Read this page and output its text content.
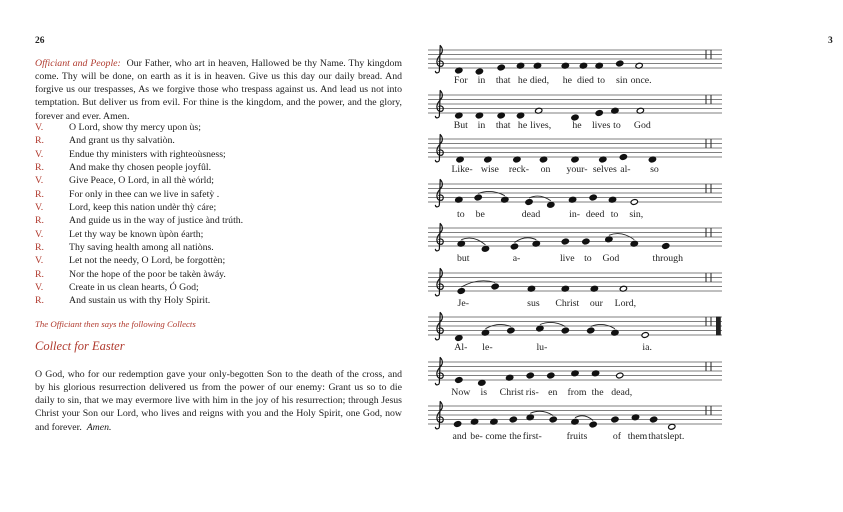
26	3

Officiant and People: Our Father, who art in heaven, Hallowed be thy Name. Thy kingdom come. Thy will be done, on earth as it is in heaven. Give us this day our daily bread. And forgive us our trespasses, As we forgive those who trespass against us. And lead us not into temptation. But deliver us from evil. For thine is the kingdom, and the power, and the glory, forever and ever. Amen.

V.	O Lord, show thy mercy upon ùs;
R.	And grant us thy salvatiòn.
V.	Endue thy ministers with righteoùsness;
R.	And make thy chosen people joyfûl.
V.	Give Peace, O Lord, in all thè wórld;
R.	For only in thee can we live in safetỳ .
V.	Lord, keep this nation undèr thỳ cáre;
R.	And guide us in the way of justice ànd trúth.
V.	Let thy way be known ùpòn éarth;
R.	Thy saving health among all natiòns.
V.	Let not the needy, O Lord, be forgottèn;
R.	Nor the hope of the poor be takèn àwáy.
V.	Create in us clean hearts, Ó God;
R.	And sustain us with thy Holy Spirit.
The Officiant then says the following Collects
Collect for Easter

O God, who for our redemption gave your only-begotten Son to the death of the cross, and by his glorious resurrection delivered us from the power of our enemy: Grant us so to die daily to sin, that we may evermore live with him in the joy of his resurrection; through Jesus Christ your Son our Lord, who lives and reigns with you and the Holy Spirit, one God, now and forever. Amen.

For in that he died, he died to sin once.
But in that he lives, he lives to God
Like- wise reck- on your- selves al- so
to be	dead	in- deed to sin,
but	a-	live to God	through
Je-	sus Christ our Lord,
Al- le-	lu-	ia.
Now is Christ ris- en from the dead,
and be- come the first-	fruits	of them that slept.
